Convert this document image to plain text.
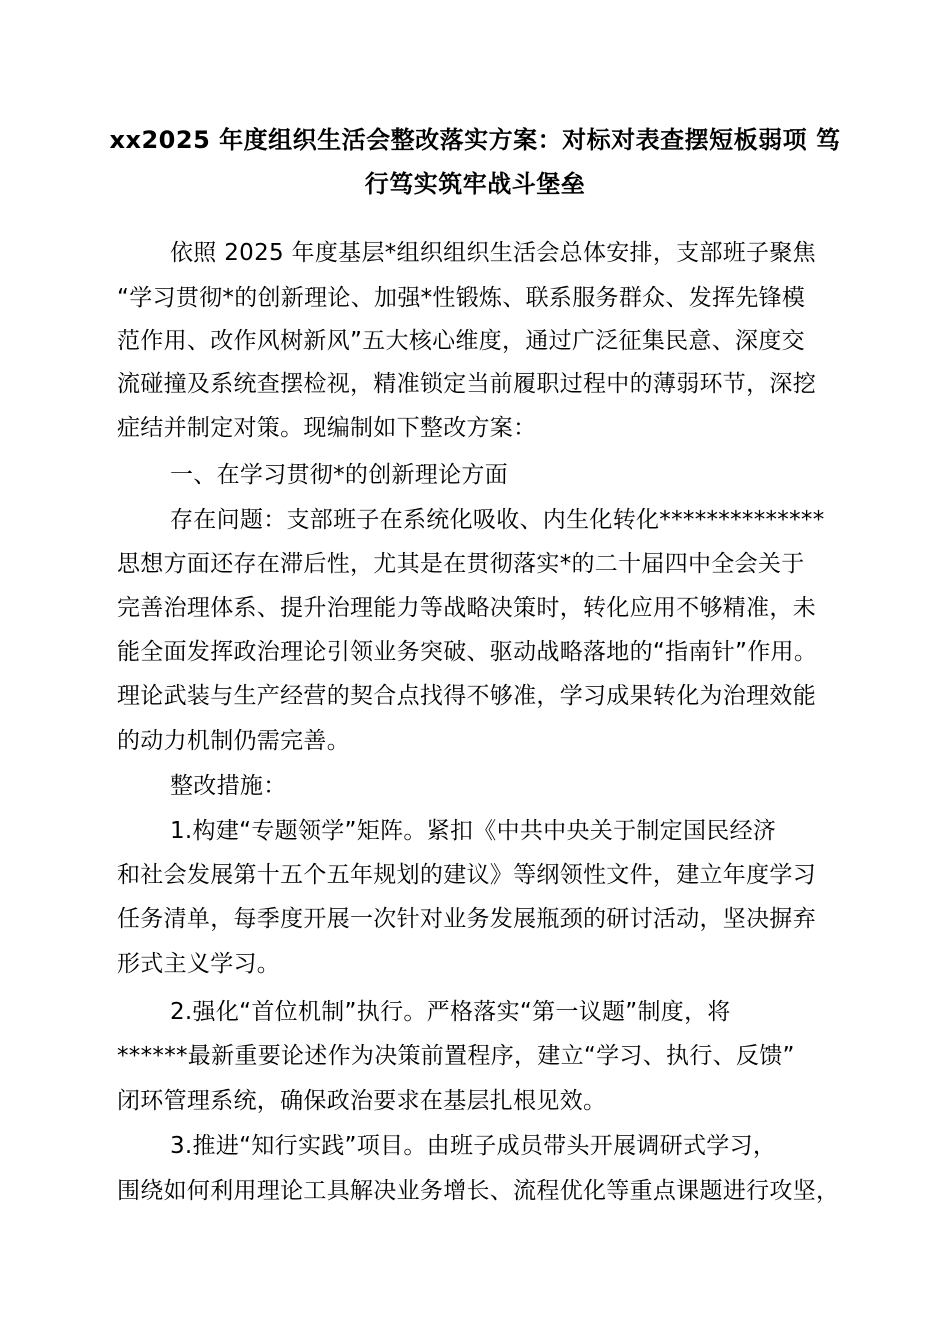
xx2025 年度组织生活会整改落实方案：对标对表查摆短板弱项 笃
行笃实筑牢战斗堡垒
依照 2025 年度基层*组织组织生活会总体安排，支部班子聚焦
“学习贯彻*的创新理论、加强*性锻炼、联系服务群众、发挥先锋模
范作用、改作风树新风”五大核心维度，通过广泛征集民意、深度交
流碰撞及系统查摆检视，精准锁定当前履职过程中的薄弱环节，深挖
症结并制定对策。现编制如下整改方案：
一、在学习贯彻*的创新理论方面
存在问题：支部班子在系统化吸收、内生化转化**************
思想方面还存在滞后性，尤其是在贯彻落实*的二十届四中全会关于
完善治理体系、提升治理能力等战略决策时，转化应用不够精准，未
能全面发挥政治理论引领业务突破、驱动战略落地的“指南针”作用。
理论武装与生产经营的契合点找得不够准，学习成果转化为治理效能
的动力机制仍需完善。
整改措施：
1.构建“专题领学”矩阵。紧扣《中共中央关于制定国民经济
和社会发展第十五个五年规划的建议》等纲领性文件，建立年度学习
任务清单，每季度开展一次针对业务发展瓶颈的研讨活动，坚决摒弃
形式主义学习。
2.强化“首位机制”执行。严格落实“第一议题”制度，将
******最新重要论述作为决策前置程序，建立“学习、执行、反馈”
闭环管理系统，确保政治要求在基层扎根见效。
3.推进“知行实践”项目。由班子成员带头开展调研式学习，
围绕如何利用理论工具解决业务增长、流程优化等重点课题进行攻坚，
